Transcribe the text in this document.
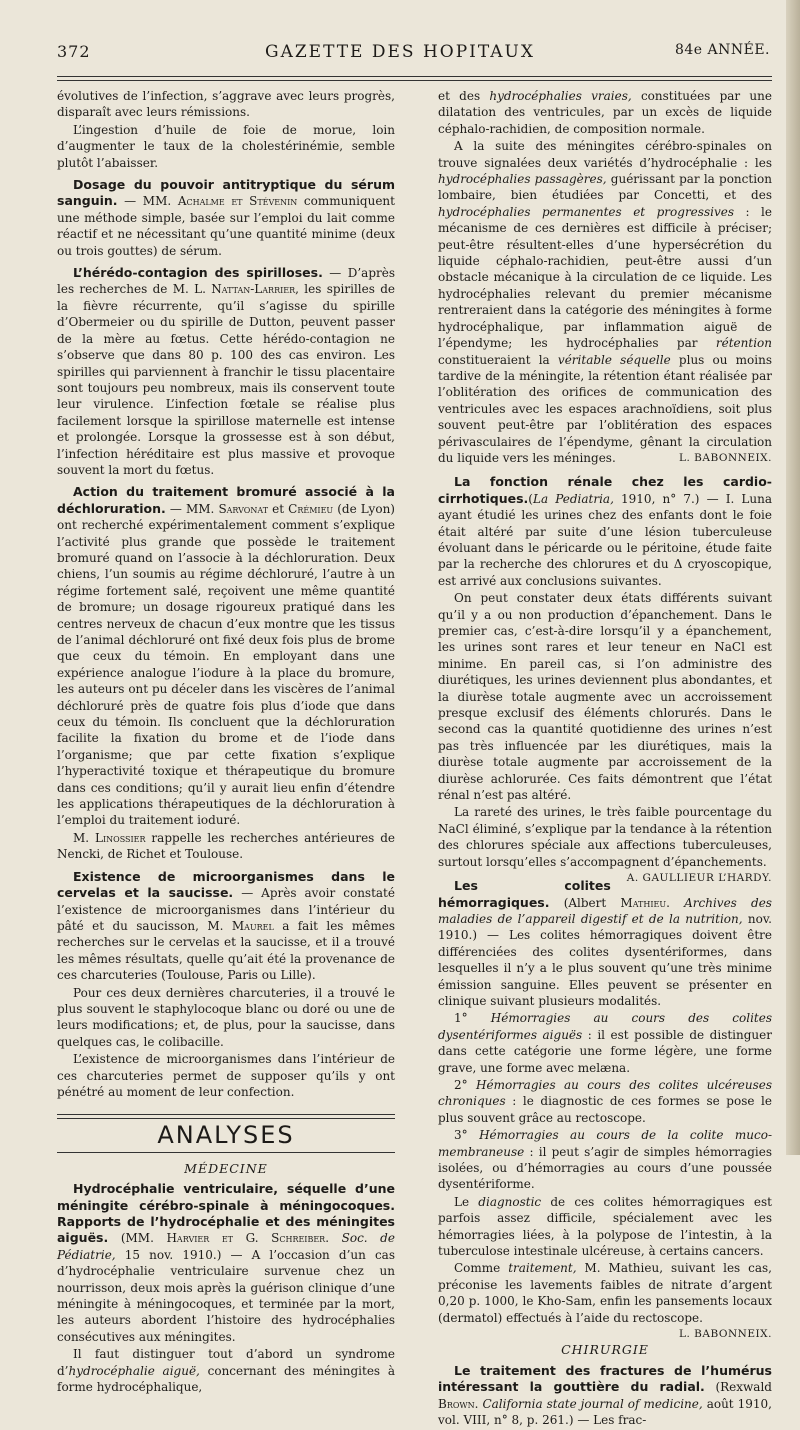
372	GAZETTE DES HOPITAUX	84e ANNÉE.

évolutives de l’infection, s’aggrave avec leurs progrès, disparaît avec leurs rémissions.

L’ingestion d’huile de foie de morue, loin d’augmenter le taux de la cholestérinémie, semble plutôt l’abaisser.

Dosage du pouvoir antitryptique du sérum sanguin. — MM. Achalme et Stévenin communiquent une méthode simple, basée sur l’emploi du lait comme réactif et ne nécessitant qu’une quantité minime (deux ou trois gouttes) de sérum.

L’hérédo-contagion des spirilloses. — D’après les recherches de M. L. Nattan-Larrier, les spirilles de la fièvre récurrente, qu’il s’agisse du spirille d’Obermeier ou du spirille de Dutton, peuvent passer de la mère au fœtus. Cette hérédo-contagion ne s’observe que dans 80 p. 100 des cas environ. Les spirilles qui parviennent à franchir le tissu placentaire sont toujours peu nombreux, mais ils conservent toute leur virulence. L’infection fœtale se réalise plus facilement lorsque la spirillose maternelle est intense et prolongée. Lorsque la grossesse est à son début, l’infection héréditaire est plus massive et provoque souvent la mort du fœtus.

Action du traitement bromuré associé à la déchloruration. — MM. Sarvonat et Crémieu (de Lyon) ont recherché expérimentalement comment s’explique l’activité plus grande que possède le traitement bromuré quand on l’associe à la déchloruration. Deux chiens, l’un soumis au régime déchloruré, l’autre à un régime fortement salé, reçoivent une même quantité de bromure; un dosage rigoureux pratiqué dans les centres nerveux de chacun d’eux montre que les tissus de l’animal déchloruré ont fixé deux fois plus de brome que ceux du témoin. En employant dans une expérience analogue l’iodure à la place du bromure, les auteurs ont pu déceler dans les viscères de l’animal déchloruré près de quatre fois plus d’iode que dans ceux du témoin. Ils concluent que la déchloruration facilite la fixation du brome et de l’iode dans l’organisme; que par cette fixation s’explique l’hyperactivité toxique et thérapeutique du bromure dans ces conditions; qu’il y aurait lieu enfin d’étendre les applications thérapeutiques de la déchloruration à l’emploi du traitement ioduré.

M. Linossier rappelle les recherches antérieures de Nencki, de Richet et Toulouse.

Existence de microorganismes dans le cervelas et la saucisse. — Après avoir constaté l’existence de microorganismes dans l’intérieur du pâté et du saucisson, M. Maurel a fait les mêmes recherches sur le cervelas et la saucisse, et il a trouvé les mêmes résultats, quelle qu’ait été la provenance de ces charcuteries (Toulouse, Paris ou Lille).

Pour ces deux dernières charcuteries, il a trouvé le plus souvent le staphylocoque blanc ou doré ou une de leurs modifications; et, de plus, pour la saucisse, dans quelques cas, le colibacille.

L’existence de microorganismes dans l’intérieur de ces charcuteries permet de supposer qu’ils y ont pénétré au moment de leur confection.

ANALYSES
MÉDECINE

Hydrocéphalie ventriculaire, séquelle d’une méningite cérébro-spinale à méningocoques. Rapports de l’hydrocéphalie et des méningites aiguës. (MM. Harvier et G. Schreiber. Soc. de Pédiatrie, 15 nov. 1910.) — A l’occasion d’un cas d’hydrocéphalie ventriculaire survenue chez un nourrisson, deux mois après la guérison clinique d’une méningite à méningocoques, et terminée par la mort, les auteurs abordent l’histoire des hydrocéphalies consécutives aux méningites.

Il faut distinguer tout d’abord un syndrome d’hydrocéphalie aiguë, concernant des méningites à forme hydrocéphalique,

et des hydrocéphalies vraies, constituées par une dilatation des ventricules, par un excès de liquide céphalo-rachidien, de composition normale.

A la suite des méningites cérébro-spinales on trouve signalées deux variétés d’hydrocéphalie : les hydrocéphalies passagères, guérissant par la ponction lombaire, bien étudiées par Concetti, et des hydrocéphalies permanentes et progressives : le mécanisme de ces dernières est difficile à préciser; peut-être résultent-elles d’une hypersécrétion du liquide céphalo-rachidien, peut-être aussi d’un obstacle mécanique à la circulation de ce liquide. Les hydrocéphalies relevant du premier mécanisme rentreraient dans la catégorie des méningites à forme hydrocéphalique, par inflammation aiguë de l’épendyme; les hydrocéphalies par rétention constitueraient la véritable séquelle plus ou moins tardive de la méningite, la rétention étant réalisée par l’oblitération des orifices de communication des ventricules avec les espaces arachnoïdiens, soit plus souvent peut-être par l’oblitération des espaces périvasculaires de l’épendyme, gênant la circulation du liquide vers les méninges.	L. BABONNEIX.

La fonction rénale chez les cardio-cirrhotiques.(La Pediatria, 1910, n° 7.) — I. Luna ayant étudié les urines chez des enfants dont le foie était altéré par suite d’une lésion tuberculeuse évoluant dans le péricarde ou le péritoine, étude faite par la recherche des chlorures et du Δ cryoscopique, est arrivé aux conclusions suivantes.

On peut constater deux états différents suivant qu’il y a ou non production d’épanchement. Dans le premier cas, c’est-à-dire lorsqu’il y a épanchement, les urines sont rares et leur teneur en NaCl est minime. En pareil cas, si l’on administre des diurétiques, les urines deviennent plus abondantes, et la diurèse totale augmente avec un accroissement presque exclusif des éléments chlorurés. Dans le second cas la quantité quotidienne des urines n’est pas très influencée par les diurétiques, mais la diurèse totale augmente par accroissement de la diurèse achlorurée. Ces faits démontrent que l’état rénal n’est pas altéré.

La rareté des urines, le très faible pourcentage du NaCl éliminé, s’explique par la tendance à la rétention des chlorures spéciale aux affections tuberculeuses, surtout lorsqu’elles s’accompagnent d’épanchements.
A. GAULLIEUR L’HARDY.

Les colites hémorragiques. (Albert Mathieu. Archives des maladies de l’appareil digestif et de la nutrition, nov. 1910.) — Les colites hémorragiques doivent être différenciées des colites dysentériformes, dans lesquelles il n’y a le plus souvent qu’une très minime émission sanguine. Elles peuvent se présenter en clinique suivant plusieurs modalités.

1° Hémorragies au cours des colites dysentériformes aiguës : il est possible de distinguer dans cette catégorie une forme légère, une forme grave, une forme avec melæna.

2° Hémorragies au cours des colites ulcéreuses chroniques : le diagnostic de ces formes se pose le plus souvent grâce au rectoscope.

3° Hémorragies au cours de la colite muco-membraneuse : il peut s’agir de simples hémorragies isolées, ou d’hémorragies au cours d’une poussée dysentériforme.

Le diagnostic de ces colites hémorragiques est parfois assez difficile, spécialement avec les hémorragies liées, à la polypose de l’intestin, à la tuberculose intestinale ulcéreuse, à certains cancers.

Comme traitement, M. Mathieu, suivant les cas, préconise les lavements faibles de nitrate d’argent 0,20 p. 1000, le Kho-Sam, enfin les pansements locaux (dermatol) effectués à l’aide du rectoscope.
L. BABONNEIX.

CHIRURGIE

Le traitement des fractures de l’humérus intéressant la gouttière du radial. (Rexwald Brown. California state journal of medicine, août 1910, vol. VIII, n° 8, p. 261.) — Les frac-
